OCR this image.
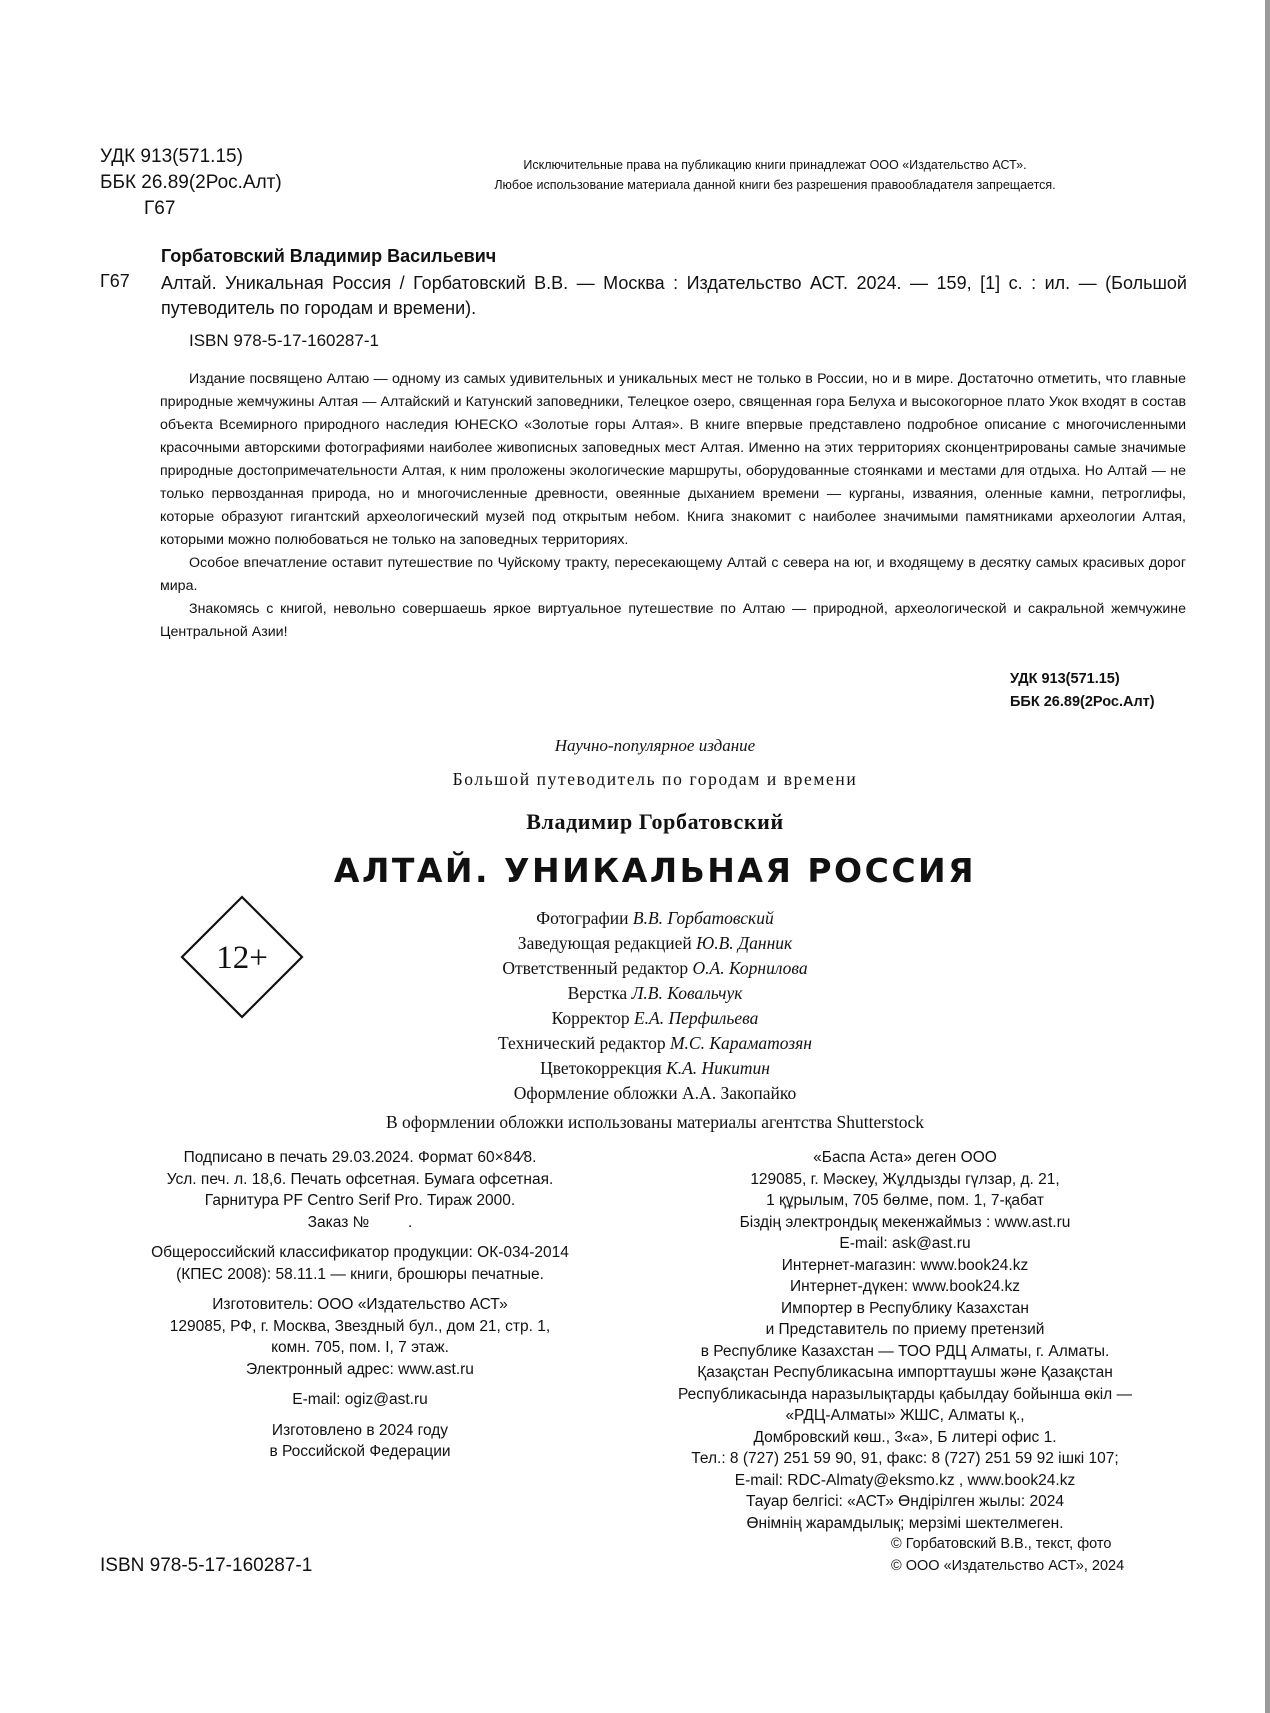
УДК 913(571.15)
ББК 26.89(2Рос.Алт)
Г67
Исключительные права на публикацию книги принадлежат ООО «Издательство АСТ».
Любое использование материала данной книги без разрешения правообладателя запрещается.
Горбатовский Владимир Васильевич
Г67 Алтай. Уникальная Россия / Горбатовский В.В. — Москва : Издательство АСТ. 2024. — 159, [1] с. : ил. — (Большой путеводитель по городам и времени).
ISBN 978-5-17-160287-1

Издание посвящено Алтаю — одному из самых удивительных и уникальных мест не только в России, но и в мире. Достаточно отметить, что главные природные жемчужины Алтая — Алтайский и Катунский заповедники, Телецкое озеро, священная гора Белуха и высокогорное плато Укок входят в состав объекта Всемирного природного наследия ЮНЕСКО «Золотые горы Алтая». В книге впервые представлено подробное описание с многочисленными красочными авторскими фотографиями наиболее живописных заповедных мест Алтая. Именно на этих территориях сконцентрированы самые значимые природные достопримечательности Алтая, к ним проложены экологические маршруты, оборудованные стоянками и местами для отдыха. Но Алтай — не только первозданная природа, но и многочисленные древности, овеянные дыханием времени — курганы, изваяния, оленные камни, петроглифы, которые образуют гигантский археологический музей под открытым небом. Книга знакомит с наиболее значимыми памятниками археологии Алтая, которыми можно полюбоваться не только на заповедных территориях.

Особое впечатление оставит путешествие по Чуйскому тракту, пересекающему Алтай с севера на юг, и входящему в десятку самых красивых дорог мира.

Знакомясь с книгой, невольно совершаешь яркое виртуальное путешествие по Алтаю — природной, археологической и сакральной жемчужине Центральной Азии!

УДК 913(571.15)
ББК 26.89(2Рос.Алт)
Научно-популярное издание
Большой путеводитель по городам и времени
Владимир Горбатовский
АЛТАЙ. УНИКАЛЬНАЯ РОССИЯ
12+
Фотографии В.В. Горбатовский
Заведующая редакцией Ю.В. Данник
Ответственный редактор О.А. Корнилова
Верстка Л.В. Ковальчук
Корректор Е.А. Перфильева
Технический редактор М.С. Караматозян
Цветокоррекция К.А. Никитин
Оформление обложки А.А. Закопайко
В оформлении обложки использованы материалы агентства Shutterstock
Подписано в печать 29.03.2024. Формат 60×84⁄8.
Усл. печ. л. 18,6. Печать офсетная. Бумага офсетная.
Гарнитура PF Centro Serif Pro. Тираж 2000.
Заказ №         .
Общероссийский классификатор продукции: ОК-034-2014
(КПЕС 2008): 58.11.1 — книги, брошюры печатные.
Изготовитель: ООО «Издательство АСТ»
129085, РФ, г. Москва, Звездный бул., дом 21, стр. 1,
комн. 705, пом. I, 7 этаж.
Электронный адрес: www.ast.ru
E-mail: ogiz@ast.ru
Изготовлено в 2024 году
в Российской Федерации
«Баспа Аста» деген ООО
129085, г. Мәскеу, Жұлдызды гүлзар, д. 21,
1 құрылым, 705 бөлме, пом. 1, 7-қабат
Біздің электрондық мекенжаймыз : www.ast.ru
E-mail: ask@ast.ru
Интернет-магазин: www.book24.kz
Интернет-дүкен: www.book24.kz
Импортер в Республику Казахстан
и Представитель по приему претензий
в Республике Казахстан — ТОО РДЦ Алматы, г. Алматы.
Қазақстан Республикасына импорттаушы және Қазақстан
Республикасында наразылықтарды қабылдау бойынша өкіл —
«РДЦ-Алматы» ЖШС, Алматы қ.,
Домбровский көш., 3«а», Б литері офис 1.
Тел.: 8 (727) 251 59 90, 91, факс: 8 (727) 251 59 92 ішкі 107;
E-mail: RDC-Almaty@eksmo.kz , www.book24.kz
Тауар белгісі: «АСТ» Өндірілген жылы: 2024
Өнімнің жарамдылық; мерзімі шектелмеген.
© Горбатовский В.В., текст, фото
© ООО «Издательство АСТ», 2024
ISBN 978-5-17-160287-1
